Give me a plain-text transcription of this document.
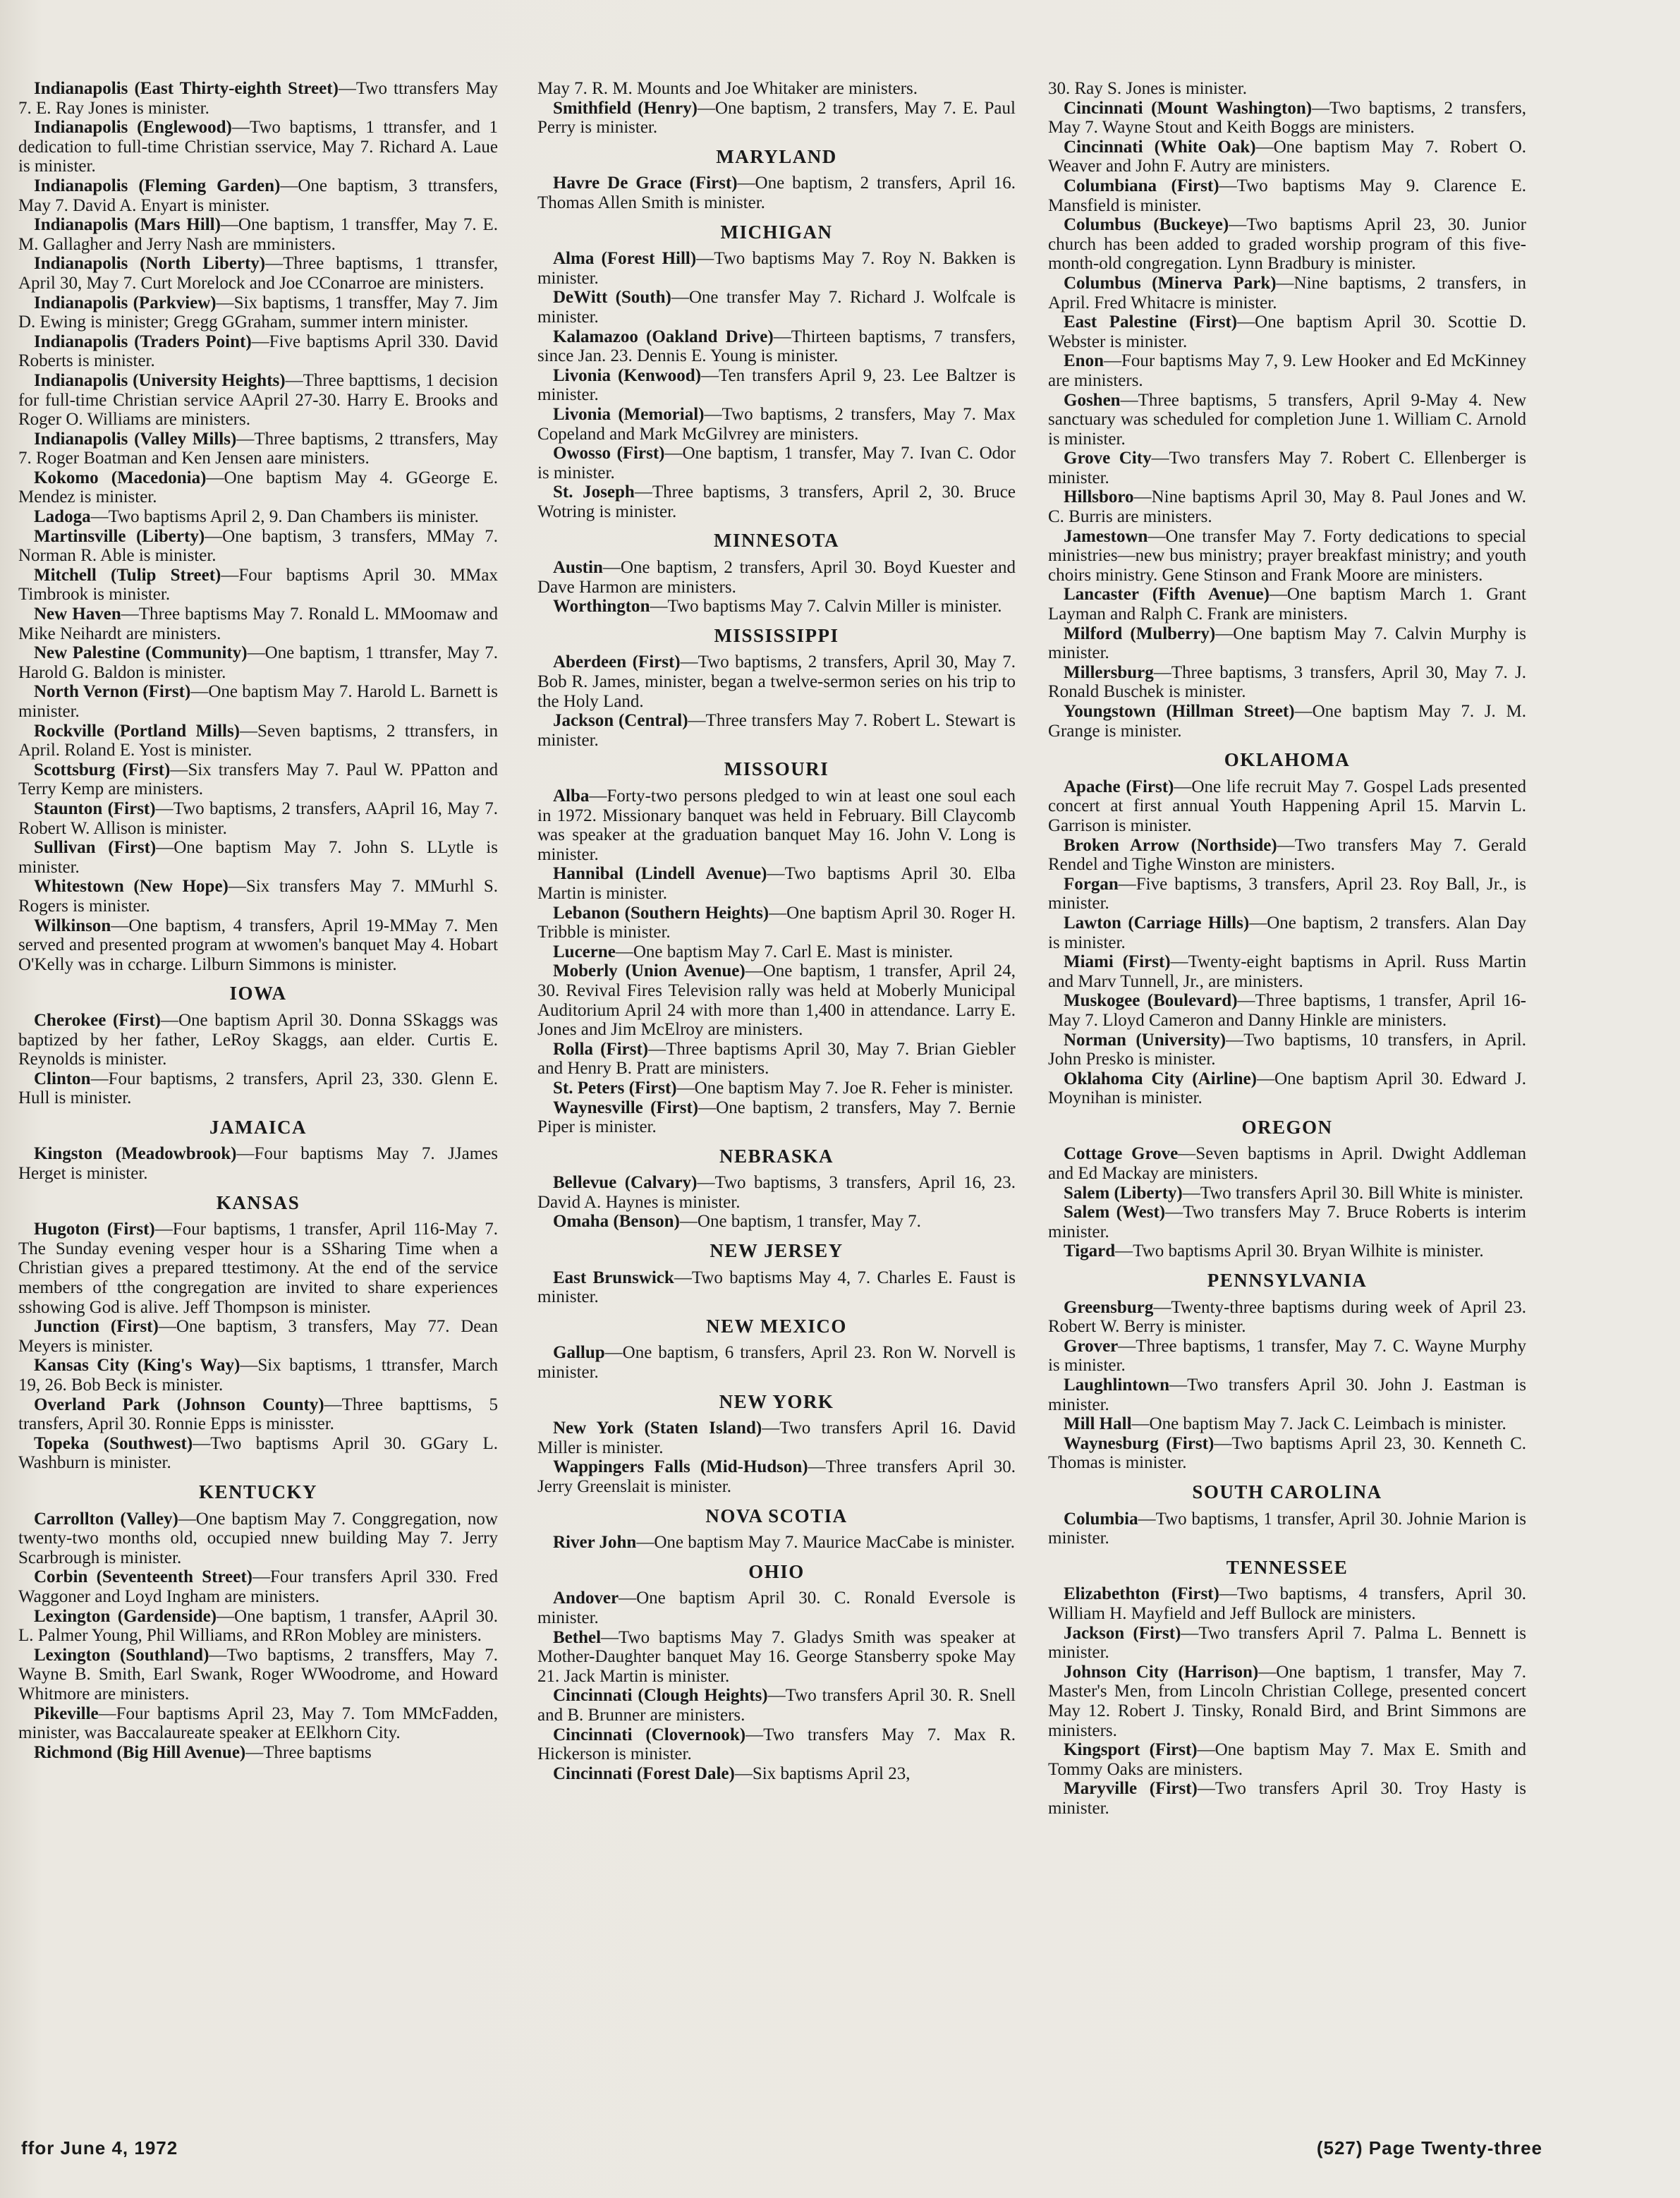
Indianapolis (East Thirty-eighth Street)—Two ttransfers May 7. E. Ray Jones is minister.

Indianapolis (Englewood)—Two baptisms, 1 ttransfer, and 1 dedication to full-time Christian sservice, May 7. Richard A. Laue is minister.

Indianapolis (Fleming Garden)—One baptism, 3 ttransfers, May 7. David A. Enyart is minister.

Indianapolis (Mars Hill)—One baptism, 1 transffer, May 7. E. M. Gallagher and Jerry Nash are mministers.

Indianapolis (North Liberty)—Three baptisms, 1 ttransfer, April 30, May 7. Curt Morelock and Joe CConarroe are ministers.

Indianapolis (Parkview)—Six baptisms, 1 transffer, May 7. Jim D. Ewing is minister; Gregg GGraham, summer intern minister.

Indianapolis (Traders Point)—Five baptisms April 330. David Roberts is minister.

Indianapolis (University Heights)—Three bapttisms, 1 decision for full-time Christian service AApril 27-30. Harry E. Brooks and Roger O. Williams are ministers.

Indianapolis (Valley Mills)—Three baptisms, 2 ttransfers, May 7. Roger Boatman and Ken Jensen aare ministers.

Kokomo (Macedonia)—One baptism May 4. GGeorge E. Mendez is minister.

Ladoga—Two baptisms April 2, 9. Dan Chambers iis minister.

Martinsville (Liberty)—One baptism, 3 transfers, MMay 7. Norman R. Able is minister.

Mitchell (Tulip Street)—Four baptisms April 30. MMax Timbrook is minister.

New Haven—Three baptisms May 7. Ronald L. MMoomaw and Mike Neihardt are ministers.

New Palestine (Community)—One baptism, 1 ttransfer, May 7. Harold G. Baldon is minister.

North Vernon (First)—One baptism May 7. Harold L. Barnett is minister.

Rockville (Portland Mills)—Seven baptisms, 2 ttransfers, in April. Roland E. Yost is minister.

Scottsburg (First)—Six transfers May 7. Paul W. PPatton and Terry Kemp are ministers.

Staunton (First)—Two baptisms, 2 transfers, AApril 16, May 7. Robert W. Allison is minister.

Sullivan (First)—One baptism May 7. John S. LLytle is minister.

Whitestown (New Hope)—Six transfers May 7. MMurhl S. Rogers is minister.

Wilkinson—One baptism, 4 transfers, April 19-MMay 7. Men served and presented program at wwomen's banquet May 4. Hobart O'Kelly was in ccharge. Lilburn Simmons is minister.

IOWA

Cherokee (First)—One baptism April 30. Donna SSkaggs was baptized by her father, LeRoy Skaggs, aan elder. Curtis E. Reynolds is minister.

Clinton—Four baptisms, 2 transfers, April 23, 330. Glenn E. Hull is minister.

JAMAICA

Kingston (Meadowbrook)—Four baptisms May 7. JJames Herget is minister.

KANSAS

Hugoton (First)—Four baptisms, 1 transfer, April 116-May 7. The Sunday evening vesper hour is a SSharing Time when a Christian gives a prepared ttestimony. At the end of the service members of tthe congregation are invited to share experiences sshowing God is alive. Jeff Thompson is minister.

Junction (First)—One baptism, 3 transfers, May 77. Dean Meyers is minister.

Kansas City (King's Way)—Six baptisms, 1 ttransfer, March 19, 26. Bob Beck is minister.

Overland Park (Johnson County)—Three bapttisms, 5 transfers, April 30. Ronnie Epps is minisster.

Topeka (Southwest)—Two baptisms April 30. GGary L. Washburn is minister.

KENTUCKY

Carrollton (Valley)—One baptism May 7. Conggregation, now twenty-two months old, occupied nnew building May 7. Jerry Scarbrough is minister.

Corbin (Seventeenth Street)—Four transfers April 330. Fred Waggoner and Loyd Ingham are ministers.

Lexington (Gardenside)—One baptism, 1 transfer, AApril 30. L. Palmer Young, Phil Williams, and RRon Mobley are ministers.

Lexington (Southland)—Two baptisms, 2 transffers, May 7. Wayne B. Smith, Earl Swank, Roger WWoodrome, and Howard Whitmore are ministers.

Pikeville—Four baptisms April 23, May 7. Tom MMcFadden, minister, was Baccalaureate speaker at EElkhorn City.

Richmond (Big Hill Avenue)—Three baptisms

May 7. R. M. Mounts and Joe Whitaker are ministers.

Smithfield (Henry)—One baptism, 2 transfers, May 7. E. Paul Perry is minister.

MARYLAND

Havre De Grace (First)—One baptism, 2 transfers, April 16. Thomas Allen Smith is minister.

MICHIGAN

Alma (Forest Hill)—Two baptisms May 7. Roy N. Bakken is minister.

DeWitt (South)—One transfer May 7. Richard J. Wolfcale is minister.

Kalamazoo (Oakland Drive)—Thirteen baptisms, 7 transfers, since Jan. 23. Dennis E. Young is minister.

Livonia (Kenwood)—Ten transfers April 9, 23. Lee Baltzer is minister.

Livonia (Memorial)—Two baptisms, 2 transfers, May 7. Max Copeland and Mark McGilvrey are ministers.

Owosso (First)—One baptism, 1 transfer, May 7. Ivan C. Odor is minister.

St. Joseph—Three baptisms, 3 transfers, April 2, 30. Bruce Wotring is minister.

MINNESOTA

Austin—One baptism, 2 transfers, April 30. Boyd Kuester and Dave Harmon are ministers.

Worthington—Two baptisms May 7. Calvin Miller is minister.

MISSISSIPPI

Aberdeen (First)—Two baptisms, 2 transfers, April 30, May 7. Bob R. James, minister, began a twelve-sermon series on his trip to the Holy Land.

Jackson (Central)—Three transfers May 7. Robert L. Stewart is minister.

MISSOURI

Alba—Forty-two persons pledged to win at least one soul each in 1972. Missionary banquet was held in February. Bill Claycomb was speaker at the graduation banquet May 16. John V. Long is minister.

Hannibal (Lindell Avenue)—Two baptisms April 30. Elba Martin is minister.

Lebanon (Southern Heights)—One baptism April 30. Roger H. Tribble is minister.

Lucerne—One baptism May 7. Carl E. Mast is minister.

Moberly (Union Avenue)—One baptism, 1 transfer, April 24, 30. Revival Fires Television rally was held at Moberly Municipal Auditorium April 24 with more than 1,400 in attendance. Larry E. Jones and Jim McElroy are ministers.

Rolla (First)—Three baptisms April 30, May 7. Brian Giebler and Henry B. Pratt are ministers.

St. Peters (First)—One baptism May 7. Joe R. Feher is minister.

Waynesville (First)—One baptism, 2 transfers, May 7. Bernie Piper is minister.

NEBRASKA

Bellevue (Calvary)—Two baptisms, 3 transfers, April 16, 23. David A. Haynes is minister.

Omaha (Benson)—One baptism, 1 transfer, May 7.

NEW JERSEY

East Brunswick—Two baptisms May 4, 7. Charles E. Faust is minister.

NEW MEXICO

Gallup—One baptism, 6 transfers, April 23. Ron W. Norvell is minister.

NEW YORK

New York (Staten Island)—Two transfers April 16. David Miller is minister.

Wappingers Falls (Mid-Hudson)—Three transfers April 30. Jerry Greenslait is minister.

NOVA SCOTIA

River John—One baptism May 7. Maurice MacCabe is minister.

OHIO

Andover—One baptism April 30. C. Ronald Eversole is minister.

Bethel—Two baptisms May 7. Gladys Smith was speaker at Mother-Daughter banquet May 16. George Stansberry spoke May 21. Jack Martin is minister.

Cincinnati (Clough Heights)—Two transfers April 30. R. Snell and B. Brunner are ministers.

Cincinnati (Clovernook)—Two transfers May 7. Max R. Hickerson is minister.

Cincinnati (Forest Dale)—Six baptisms April 23,

30. Ray S. Jones is minister.

Cincinnati (Mount Washington)—Two baptisms, 2 transfers, May 7. Wayne Stout and Keith Boggs are ministers.

Cincinnati (White Oak)—One baptism May 7. Robert O. Weaver and John F. Autry are ministers.

Columbiana (First)—Two baptisms May 9. Clarence E. Mansfield is minister.

Columbus (Buckeye)—Two baptisms April 23, 30. Junior church has been added to graded worship program of this five-month-old congregation. Lynn Bradbury is minister.

Columbus (Minerva Park)—Nine baptisms, 2 transfers, in April. Fred Whitacre is minister.

East Palestine (First)—One baptism April 30. Scottie D. Webster is minister.

Enon—Four baptisms May 7, 9. Lew Hooker and Ed McKinney are ministers.

Goshen—Three baptisms, 5 transfers, April 9-May 4. New sanctuary was scheduled for completion June 1. William C. Arnold is minister.

Grove City—Two transfers May 7. Robert C. Ellenberger is minister.

Hillsboro—Nine baptisms April 30, May 8. Paul Jones and W. C. Burris are ministers.

Jamestown—One transfer May 7. Forty dedications to special ministries—new bus ministry; prayer breakfast ministry; and youth choirs ministry. Gene Stinson and Frank Moore are ministers.

Lancaster (Fifth Avenue)—One baptism March 1. Grant Layman and Ralph C. Frank are ministers.

Milford (Mulberry)—One baptism May 7. Calvin Murphy is minister.

Millersburg—Three baptisms, 3 transfers, April 30, May 7. J. Ronald Buschek is minister.

Youngstown (Hillman Street)—One baptism May 7. J. M. Grange is minister.

OKLAHOMA

Apache (First)—One life recruit May 7. Gospel Lads presented concert at first annual Youth Happening April 15. Marvin L. Garrison is minister.

Broken Arrow (Northside)—Two transfers May 7. Gerald Rendel and Tighe Winston are ministers.

Forgan—Five baptisms, 3 transfers, April 23. Roy Ball, Jr., is minister.

Lawton (Carriage Hills)—One baptism, 2 transfers. Alan Day is minister.

Miami (First)—Twenty-eight baptisms in April. Russ Martin and Marv Tunnell, Jr., are ministers.

Muskogee (Boulevard)—Three baptisms, 1 transfer, April 16-May 7. Lloyd Cameron and Danny Hinkle are ministers.

Norman (University)—Two baptisms, 10 transfers, in April. John Presko is minister.

Oklahoma City (Airline)—One baptism April 30. Edward J. Moynihan is minister.

OREGON

Cottage Grove—Seven baptisms in April. Dwight Addleman and Ed Mackay are ministers.

Salem (Liberty)—Two transfers April 30. Bill White is minister.

Salem (West)—Two transfers May 7. Bruce Roberts is interim minister.

Tigard—Two baptisms April 30. Bryan Wilhite is minister.

PENNSYLVANIA

Greensburg—Twenty-three baptisms during week of April 23. Robert W. Berry is minister.

Grover—Three baptisms, 1 transfer, May 7. C. Wayne Murphy is minister.

Laughlintown—Two transfers April 30. John J. Eastman is minister.

Mill Hall—One baptism May 7. Jack C. Leimbach is minister.

Waynesburg (First)—Two baptisms April 23, 30. Kenneth C. Thomas is minister.

SOUTH CAROLINA

Columbia—Two baptisms, 1 transfer, April 30. Johnie Marion is minister.

TENNESSEE

Elizabethton (First)—Two baptisms, 4 transfers, April 30. William H. Mayfield and Jeff Bullock are ministers.

Jackson (First)—Two transfers April 7. Palma L. Bennett is minister.

Johnson City (Harrison)—One baptism, 1 transfer, May 7. Master's Men, from Lincoln Christian College, presented concert May 12. Robert J. Tinsky, Ronald Bird, and Brint Simmons are ministers.

Kingsport (First)—One baptism May 7. Max E. Smith and Tommy Oaks are ministers.

Maryville (First)—Two transfers April 30. Troy Hasty is minister.

ffor June 4, 1972	(527) Page Twenty-three
